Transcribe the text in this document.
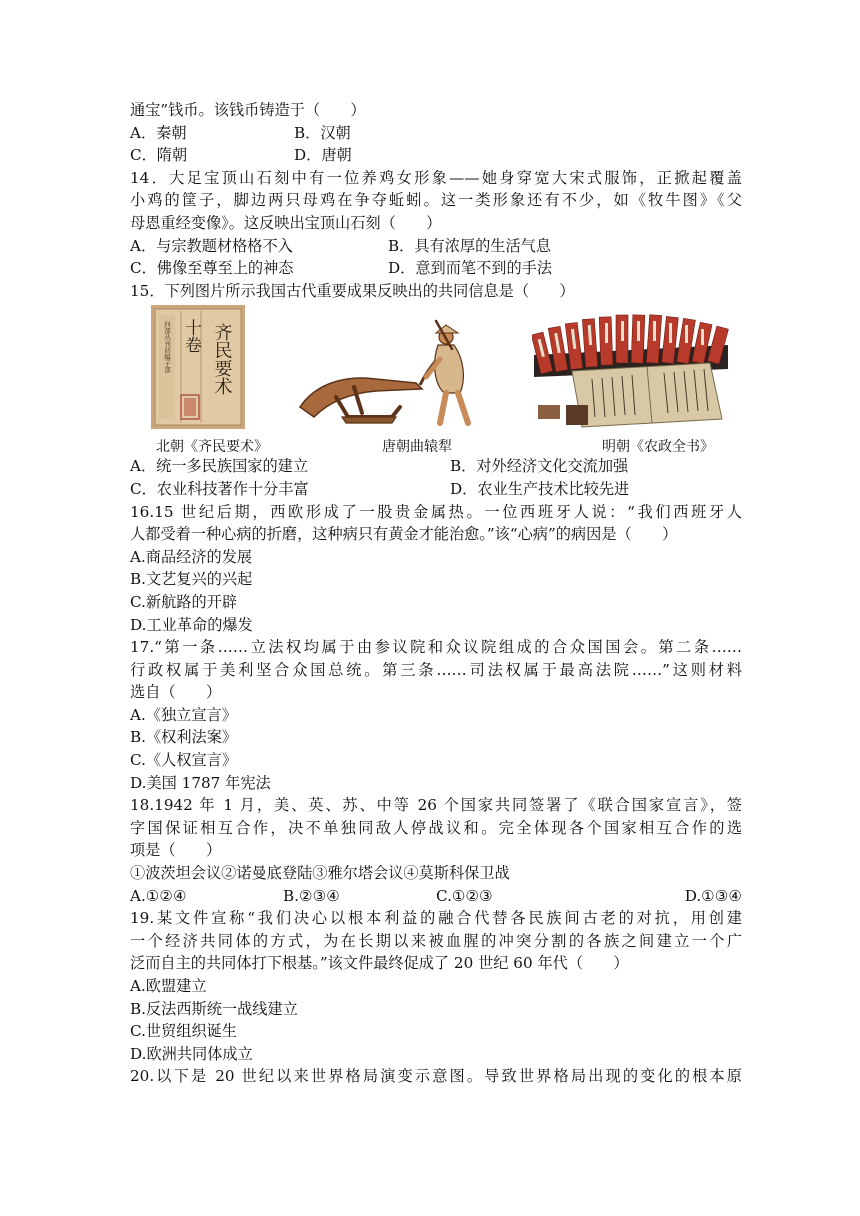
通宝”钱币。该钱币铸造于（　　）
A．秦朝	B．汉朝
C．隋朝	D．唐朝
14．大足宝顶山石刻中有一位养鸡女形象——她身穿宽大宋式服饰，正掀起覆盖
小鸡的筐子，脚边两只母鸡在争夺蚯蚓。这一类形象还有不少，如《牧牛图》《父
母恩重经变像》。这反映出宝顶山石刻（　　）
A．与宗教题材格格不入	B．具有浓厚的生活气息
C．佛像至尊至上的神态	D．意到而笔不到的手法
15．下列图片所示我国古代重要成果反映出的共同信息是（　　）
齐民要术
十卷
四部丛刊初编子部
北朝《齐民要术》	唐朝曲辕犁	明朝《农政全书》
A．统一多民族国家的建立	B．对外经济文化交流加强
C．农业科技著作十分丰富	D．农业生产技术比较先进
16.15 世纪后期，西欧形成了一股贵金属热。一位西班牙人说：“我们西班牙人
人都受着一种心病的折磨，这种病只有黄金才能治愈。”该“心病”的病因是（　　）
A.商品经济的发展
B.文艺复兴的兴起
C.新航路的开辟
D.工业革命的爆发
17.“第一条……立法权均属于由参议院和众议院组成的合众国国会。第二条……
行政权属于美利坚合众国总统。第三条……司法权属于最高法院……”这则材料
选自（　　）
A.《独立宣言》
B.《权利法案》
C.《人权宣言》
D.美国 1787 年宪法
18.1942 年 1 月，美、英、苏、中等 26 个国家共同签署了《联合国家宣言》，签
字国保证相互合作，决不单独同敌人停战议和。完全体现各个国家相互合作的选
项是（　　）
①波茨坦会议②诺曼底登陆③雅尔塔会议④莫斯科保卫战
A.①②④	B.②③④	C.①②③	D.①③④
19.某文件宣称“我们决心以根本利益的融合代替各民族间古老的对抗，用创建
一个经济共同体的方式，为在长期以来被血腥的冲突分割的各族之间建立一个广
泛而自主的共同体打下根基。”该文件最终促成了 20 世纪 60 年代（　　）
A.欧盟建立
B.反法西斯统一战线建立
C.世贸组织诞生
D.欧洲共同体成立
20.以下是 20 世纪以来世界格局演变示意图。导致世界格局出现的变化的根本原
